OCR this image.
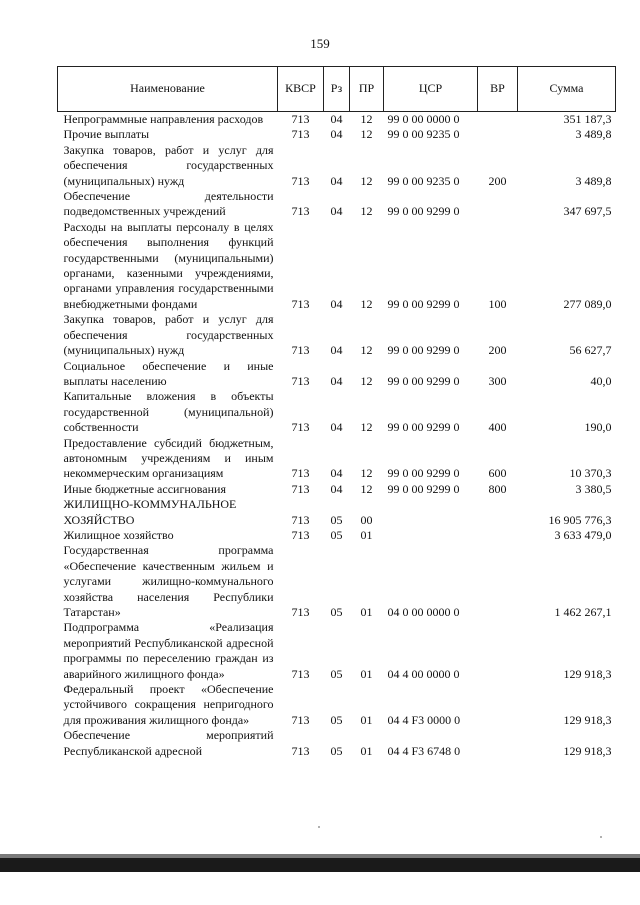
159
Наименование	КВСР	Рз	ПР	ЦСР	ВР	Сумма
Непрограммные направления расходов	713	04	12	99 0 00 0000 0		351 187,3
Прочие выплаты	713	04	12	99 0 00 9235 0		3 489,8
Закупка товаров, работ и услуг для обеспечения государственных (муниципальных) нужд	713	04	12	99 0 00 9235 0	200	3 489,8
Обеспечение деятельности подведомственных учреждений	713	04	12	99 0 00 9299 0		347 697,5
Расходы на выплаты персоналу в целях обеспечения выполнения функций государственными (муниципальными) органами, казенными учреждениями, органами управления государственными внебюджетными фондами	713	04	12	99 0 00 9299 0	100	277 089,0
Закупка товаров, работ и услуг для обеспечения государственных (муниципальных) нужд	713	04	12	99 0 00 9299 0	200	56 627,7
Социальное обеспечение и иные выплаты населению	713	04	12	99 0 00 9299 0	300	40,0
Капитальные вложения в объекты государственной (муниципальной) собственности	713	04	12	99 0 00 9299 0	400	190,0
Предоставление субсидий бюджетным, автономным учреждениям и иным некоммерческим организациям	713	04	12	99 0 00 9299 0	600	10 370,3
Иные бюджетные ассигнования	713	04	12	99 0 00 9299 0	800	3 380,5
ЖИЛИЩНО-КОММУНАЛЬНОЕ ХОЗЯЙСТВО	713	05	00			16 905 776,3
Жилищное хозяйство	713	05	01			3 633 479,0
Государственная программа «Обеспечение качественным жильем и услугами жилищно-коммунального хозяйства населения Республики Татарстан»	713	05	01	04 0 00 0000 0		1 462 267,1
Подпрограмма «Реализация мероприятий Республиканской адресной программы по переселению граждан из аварийного жилищного фонда»	713	05	01	04 4 00 0000 0		129 918,3
Федеральный проект «Обеспечение устойчивого сокращения непригодного для проживания жилищного фонда»	713	05	01	04 4 F3 0000 0		129 918,3
Обеспечение мероприятий Республиканской адресной	713	05	01	04 4 F3 6748 0		129 918,3
